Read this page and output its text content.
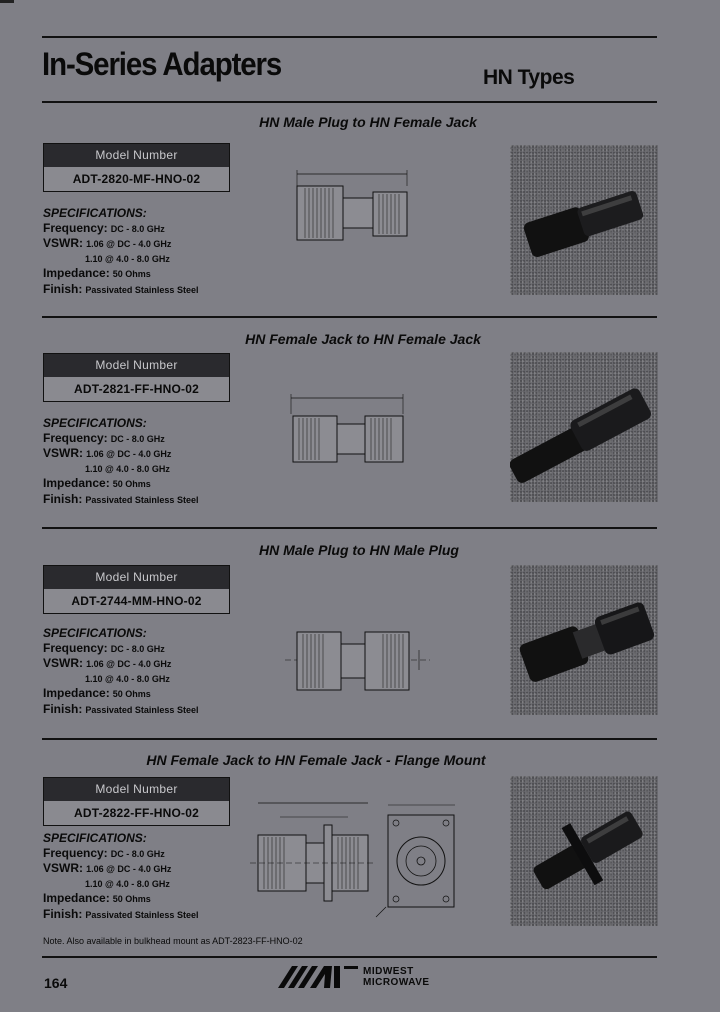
In-Series Adapters	HN Types
HN Male Plug to HN Female Jack
Model Number
ADT-2820-MF-HNO-02
SPECIFICATIONS:
Frequency: DC - 8.0 GHz
VSWR: 1.06 @ DC - 4.0 GHz
1.10 @ 4.0 - 8.0 GHz
Impedance: 50 Ohms
Finish: Passivated Stainless Steel
HN Female Jack to HN Female Jack
Model Number
ADT-2821-FF-HNO-02
SPECIFICATIONS:
Frequency: DC - 8.0 GHz
VSWR: 1.06 @ DC - 4.0 GHz
1.10 @ 4.0 - 8.0 GHz
Impedance: 50 Ohms
Finish: Passivated Stainless Steel
HN Male Plug to HN Male Plug
Model Number
ADT-2744-MM-HNO-02
SPECIFICATIONS:
Frequency: DC - 8.0 GHz
VSWR: 1.06 @ DC - 4.0 GHz
1.10 @ 4.0 - 8.0 GHz
Impedance: 50 Ohms
Finish: Passivated Stainless Steel
HN Female Jack to HN Female Jack - Flange Mount
Model Number
ADT-2822-FF-HNO-02
SPECIFICATIONS:
Frequency: DC - 8.0 GHz
VSWR: 1.06 @ DC - 4.0 GHz
1.10 @ 4.0 - 8.0 GHz
Impedance: 50 Ohms
Finish: Passivated Stainless Steel
Note. Also available in bulkhead mount as ADT-2823-FF-HNO-02
164
MIDWEST
MICROWAVE
